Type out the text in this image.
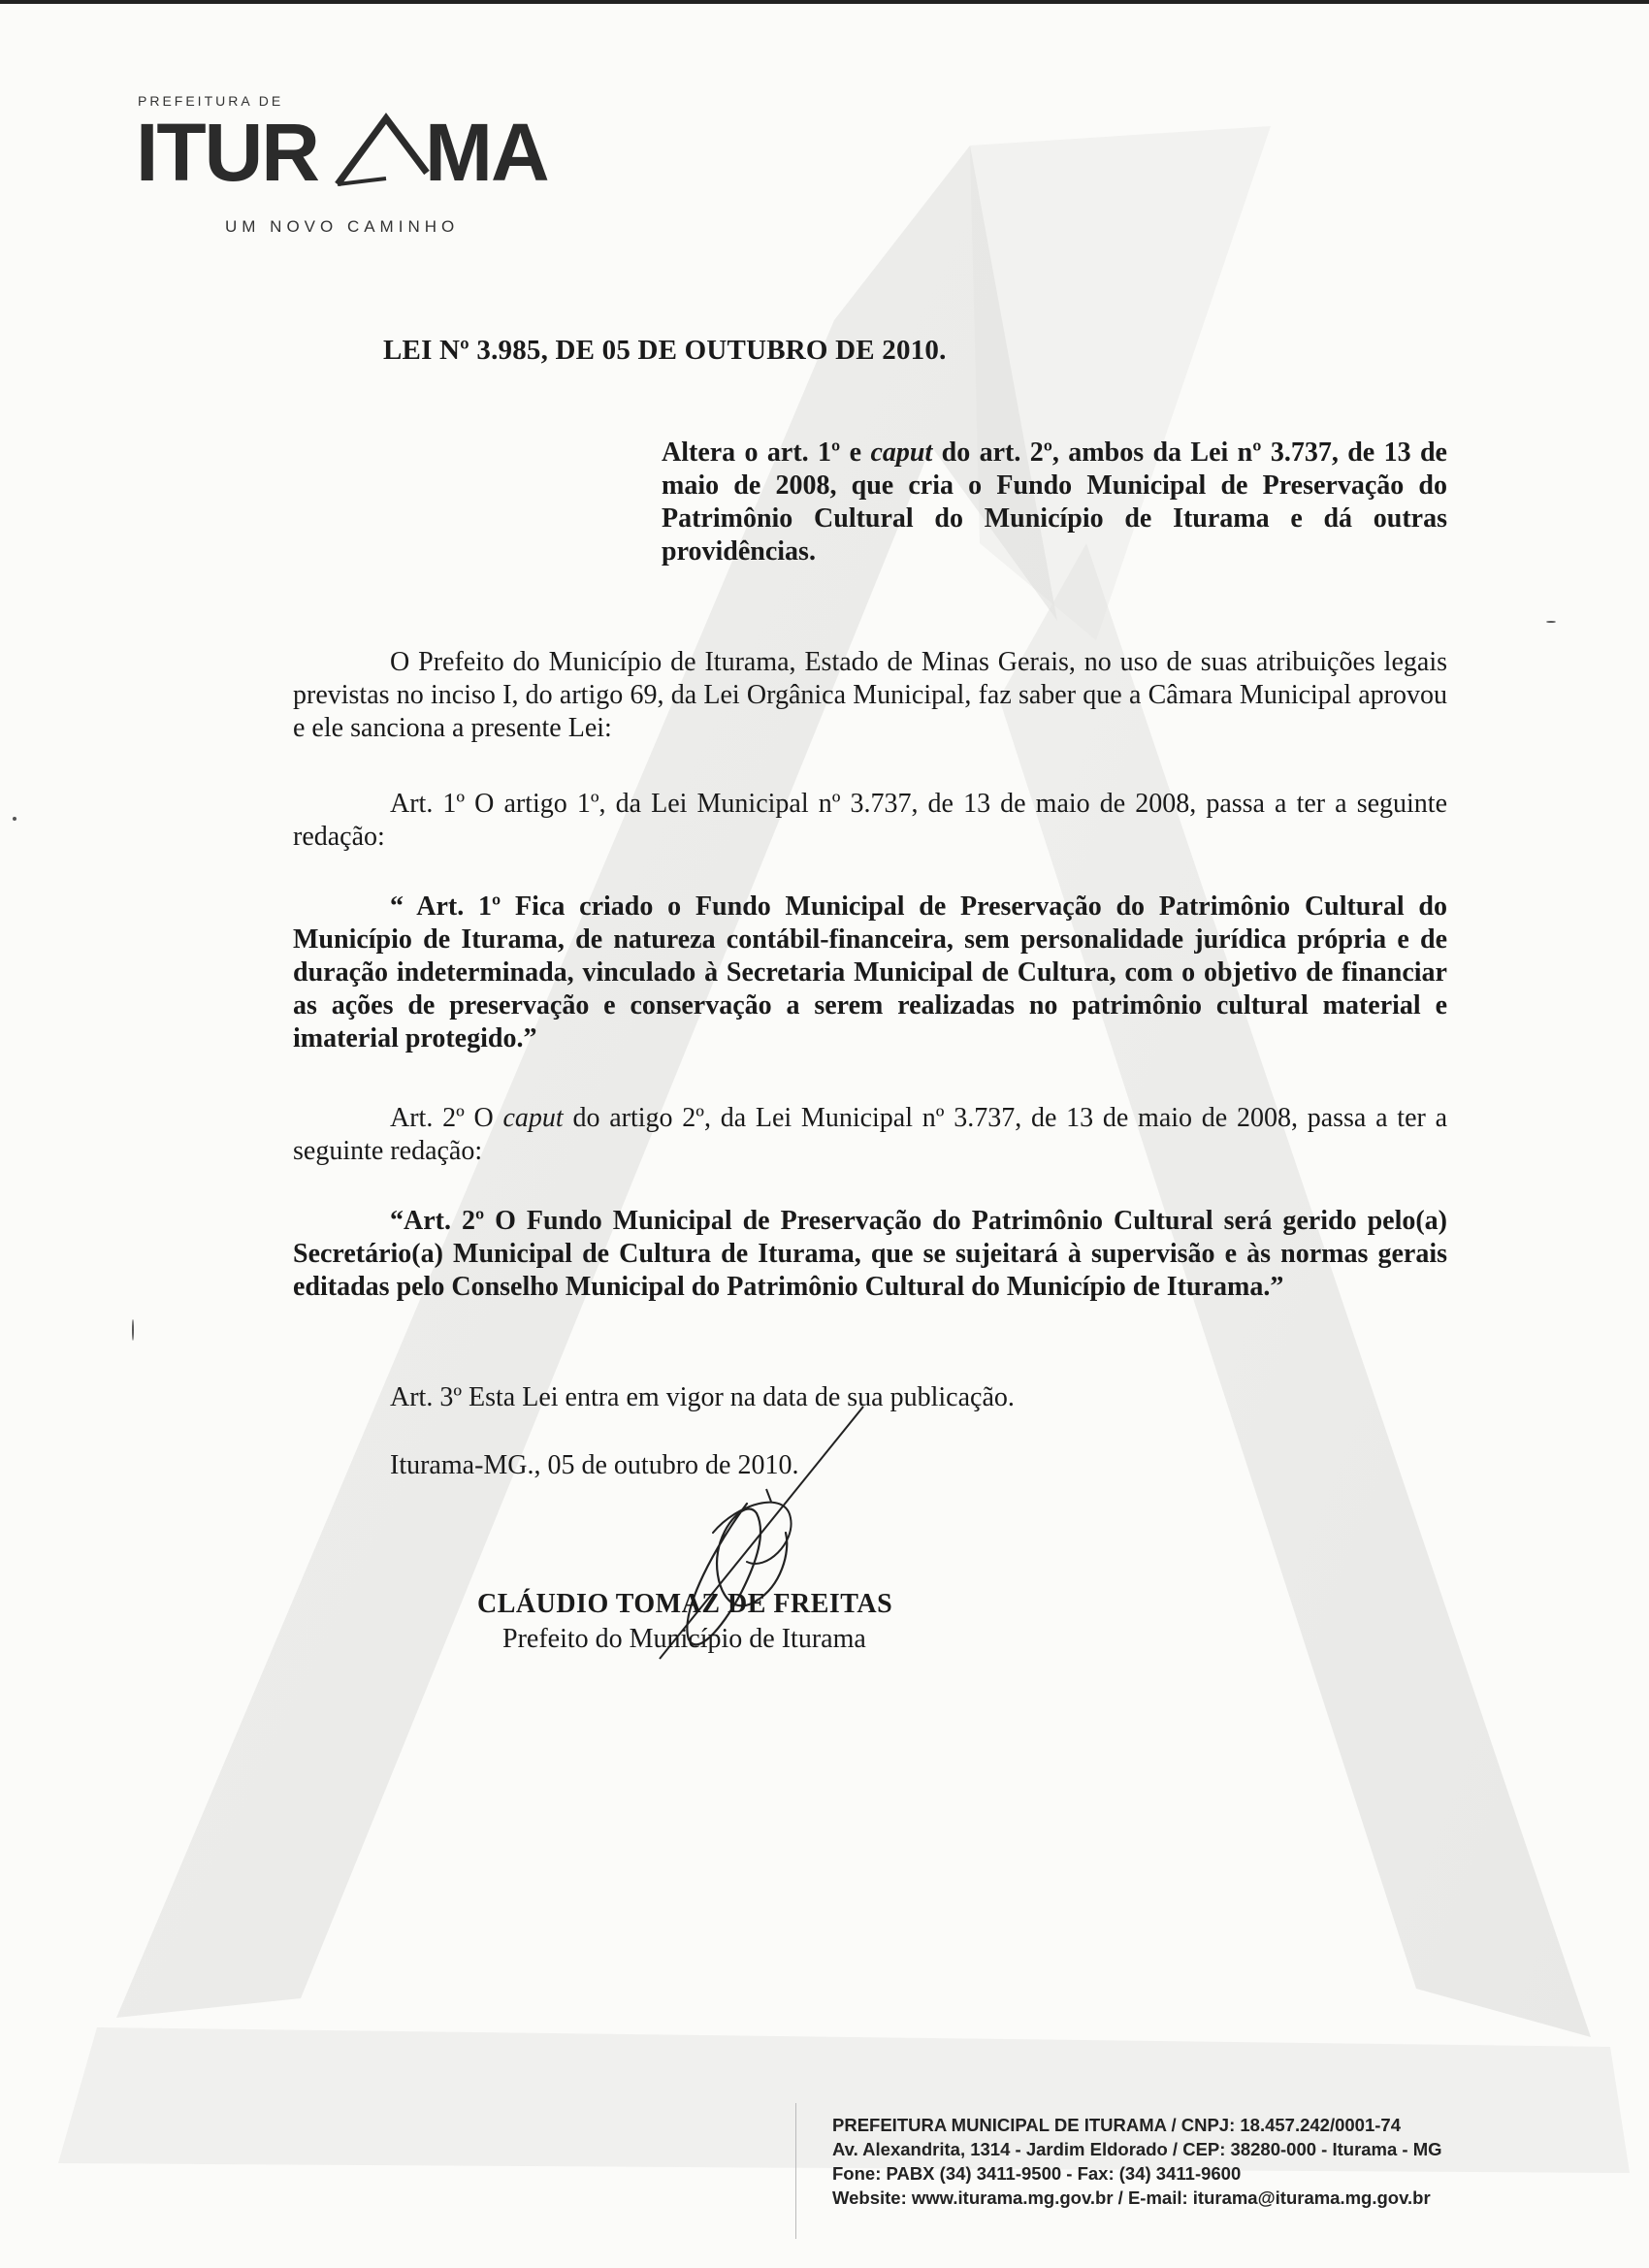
PREFEITURA DE
ITUR MA
UM NOVO CAMINHO
LEI Nº 3.985, DE 05 DE OUTUBRO DE 2010.
Altera o art. 1º e caput do art. 2º, ambos da Lei nº 3.737, de 13 de maio de 2008, que cria o Fundo Municipal de Preservação do Patrimônio Cultural do Município de Iturama e dá outras providências.
O Prefeito do Município de Iturama, Estado de Minas Gerais, no uso de suas atribuições legais previstas no inciso I, do artigo 69, da Lei Orgânica Municipal, faz saber que a Câmara Municipal aprovou e ele sanciona a presente Lei:
Art. 1º O artigo 1º, da Lei Municipal nº 3.737, de 13 de maio de 2008, passa a ter a seguinte redação:
“ Art. 1º Fica criado o Fundo Municipal de Preservação do Patrimônio Cultural do Município de Iturama, de natureza contábil-financeira, sem personalidade jurídica própria e de duração indeterminada, vinculado à Secretaria Municipal de Cultura, com o objetivo de financiar as ações de preservação e conservação a serem realizadas no patrimônio cultural material e imaterial protegido.”
Art. 2º O caput do artigo 2º, da Lei Municipal nº 3.737, de 13 de maio de 2008, passa a ter a seguinte redação:
“Art. 2º O Fundo Municipal de Preservação do Patrimônio Cultural será gerido pelo(a) Secretário(a) Municipal de Cultura de Iturama, que se sujeitará à supervisão e às normas gerais editadas pelo Conselho Municipal do Patrimônio Cultural do Município de Iturama.”
Art. 3º Esta Lei entra em vigor na data de sua publicação.
Iturama-MG., 05 de outubro de 2010.
CLÁUDIO TOMAZ DE FREITAS
Prefeito do Município de Iturama
PREFEITURA MUNICIPAL DE ITURAMA / CNPJ: 18.457.242/0001-74
Av. Alexandrita, 1314 - Jardim Eldorado / CEP: 38280-000 - Iturama - MG
Fone: PABX (34) 3411-9500 - Fax: (34) 3411-9600
Website: www.iturama.mg.gov.br / E-mail: iturama@iturama.mg.gov.br
